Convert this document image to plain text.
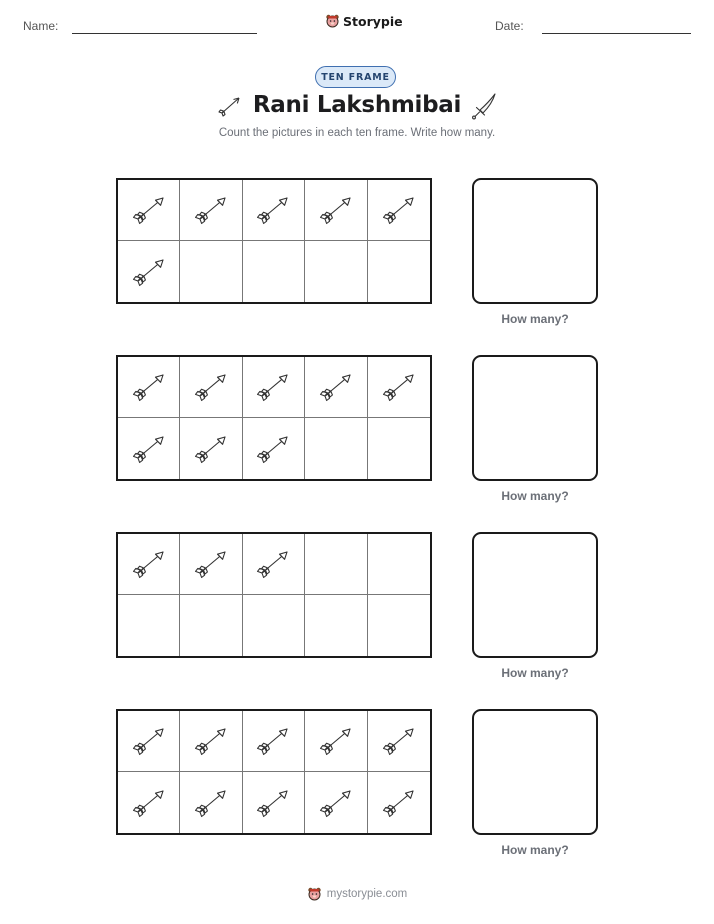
Name:	Storypie	Date:
TEN FRAME
Rani Lakshmibai
Count the pictures in each ten frame. Write how many.
How many?
How many?
How many?
How many?
mystorypie.com
